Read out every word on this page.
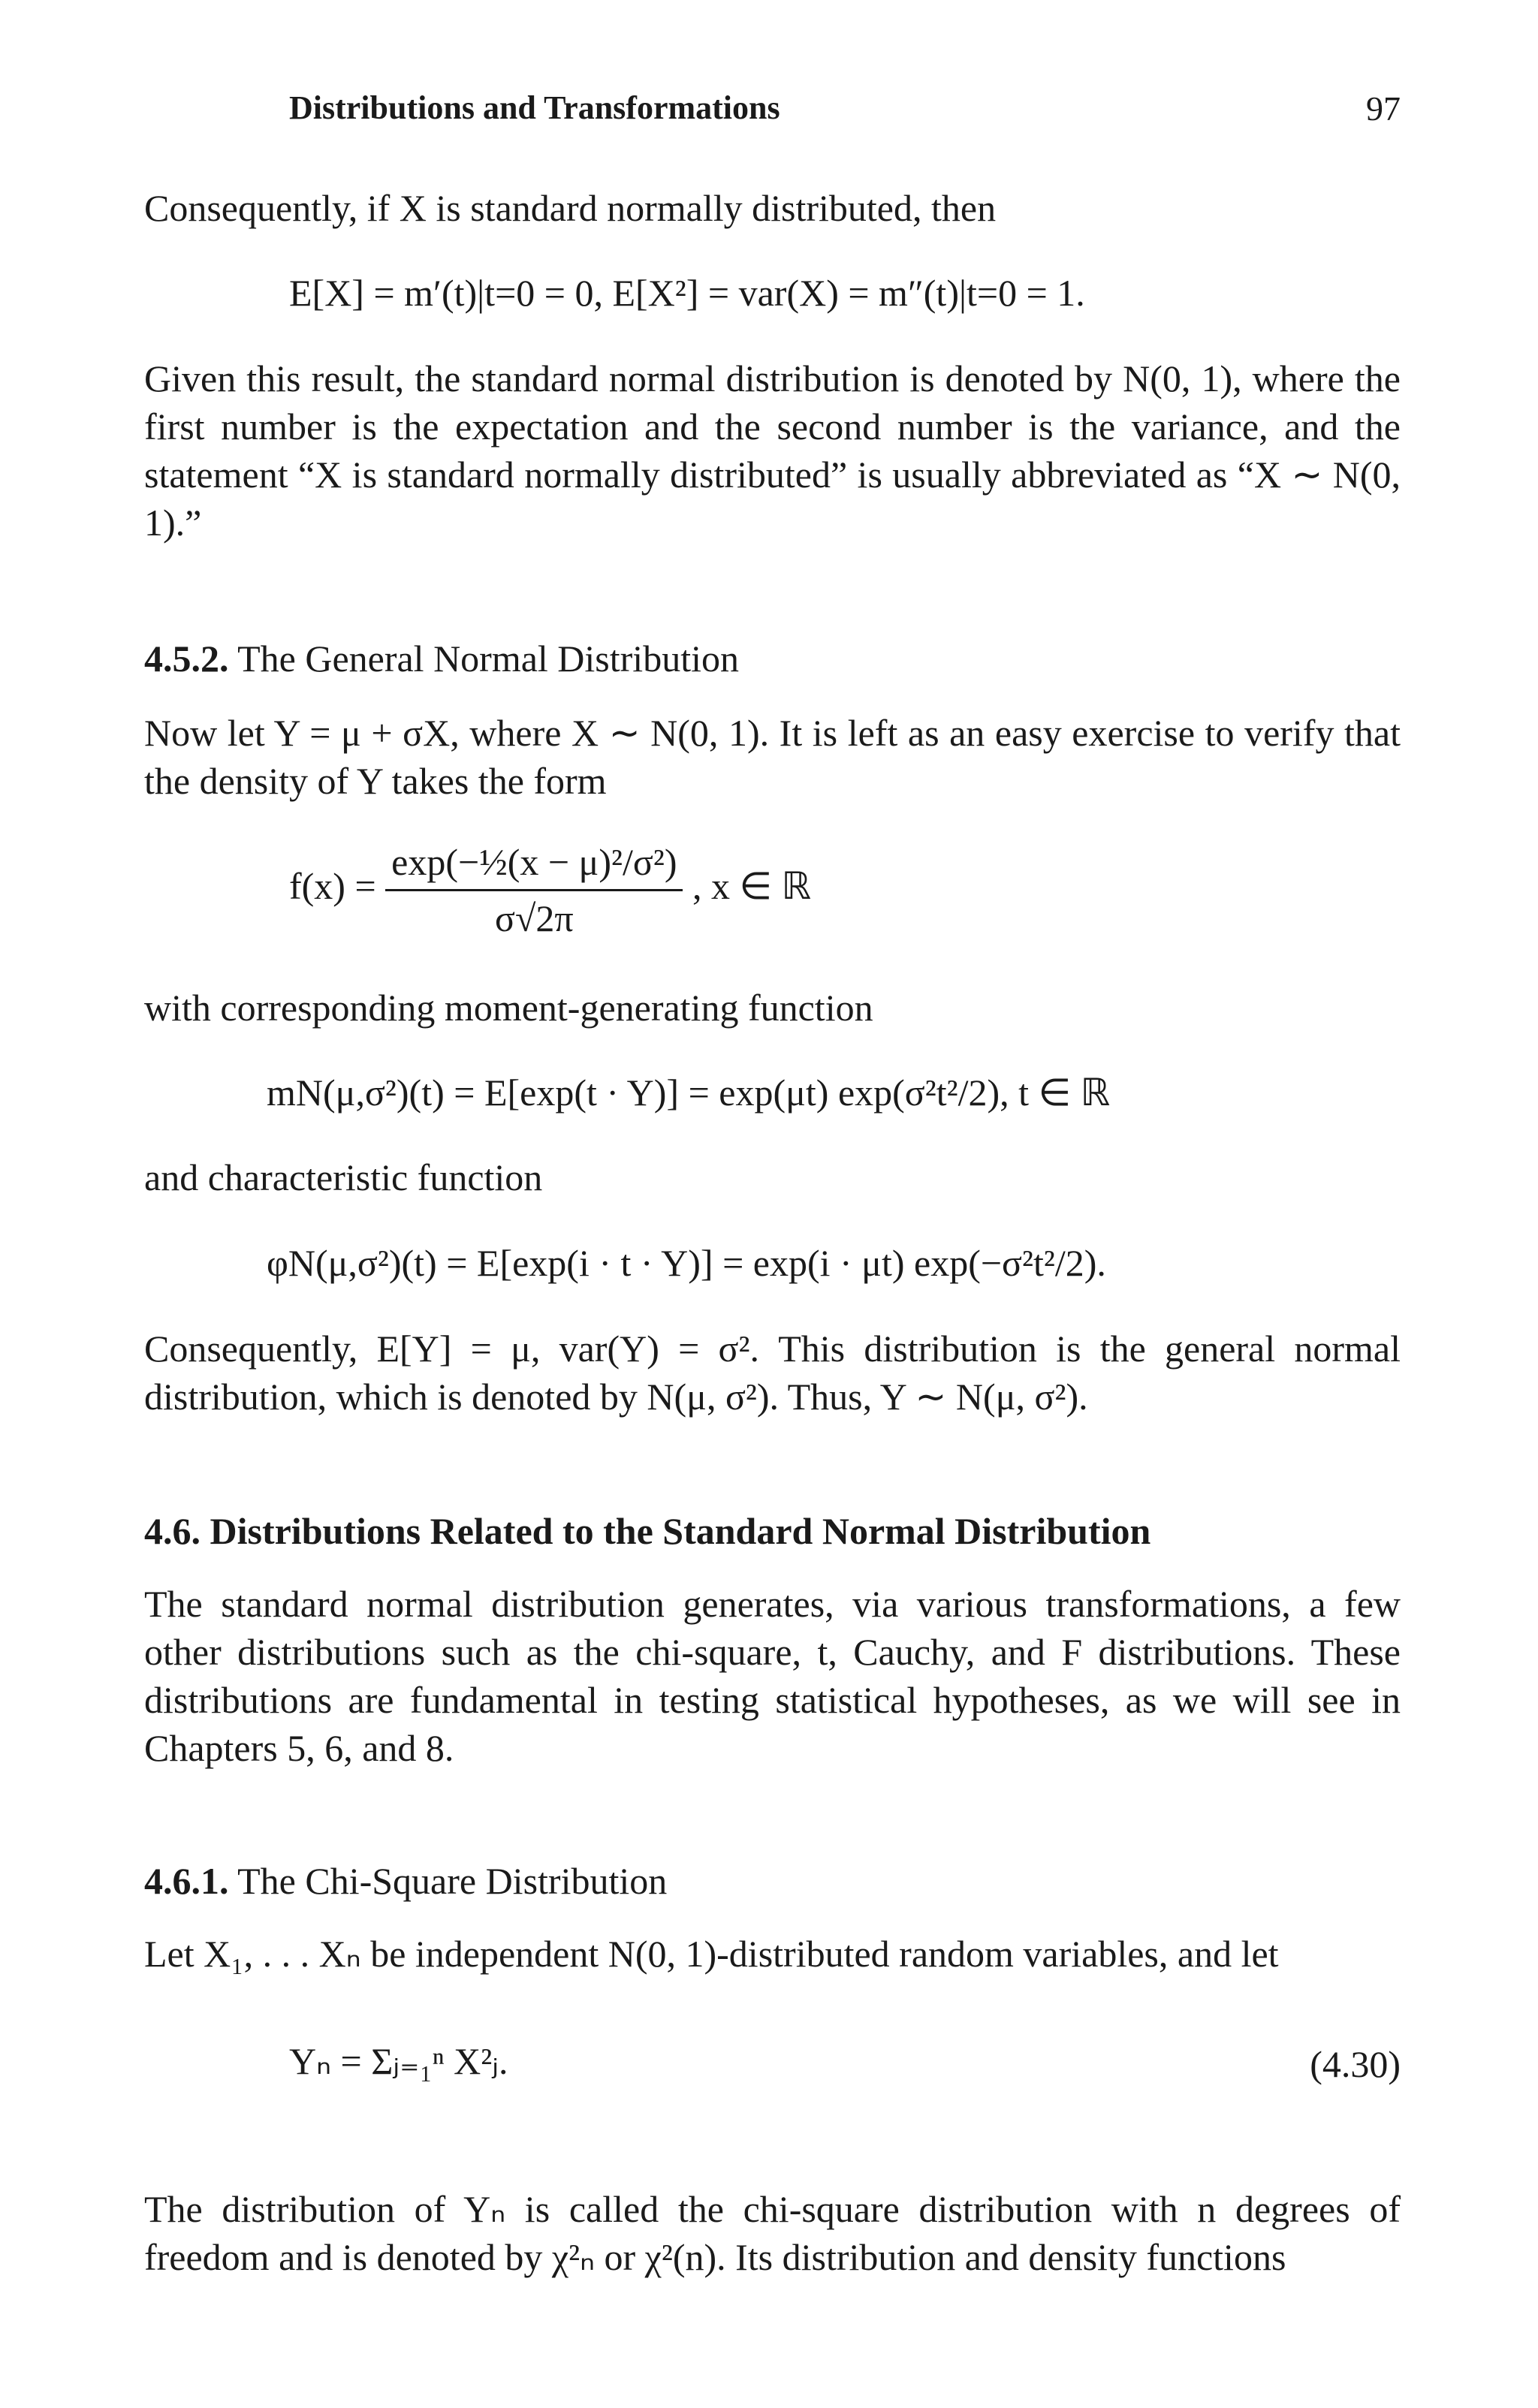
Distributions and Transformations	97
Consequently, if X is standard normally distributed, then
E[X] = m′(t)|t=0 = 0, E[X²] = var(X) = m″(t)|t=0 = 1.
Given this result, the standard normal distribution is denoted by N(0, 1), where the first number is the expectation and the second number is the variance, and the statement “X is standard normally distributed” is usually abbreviated as “X ∼ N(0, 1).”
4.5.2. The General Normal Distribution
Now let Y = μ + σX, where X ∼ N(0, 1). It is left as an easy exercise to verify that the density of Y takes the form
$f(x) = \frac{\text{exp(−½(x − μ)²/σ²)}}{\sigma√2\pi}$ , x ∈ ℝ
with corresponding moment-generating function
mN(μ,σ²)(t) = E[exp(t · Y)] = exp(μt) exp(σ²t²/2), t ∈ ℝ
and characteristic function
φN(μ,σ²)(t) = E[exp(i · t · Y)] = exp(i · μt) exp(−σ²t²/2).
Consequently, E[Y] = μ, var(Y) = σ². This distribution is the general normal distribution, which is denoted by N(μ, σ²). Thus, Y ∼ N(μ, σ²).
4.6. Distributions Related to the Standard Normal Distribution
The standard normal distribution generates, via various transformations, a few other distributions such as the chi-square, t, Cauchy, and F distributions. These distributions are fundamental in testing statistical hypotheses, as we will see in Chapters 5, 6, and 8.
4.6.1. The Chi-Square Distribution
Let X₁, . . . Xₙ be independent N(0, 1)-distributed random variables, and let
Yₙ = Σⱼ₌₁ⁿ X²ⱼ.	(4.30)
The distribution of Yₙ is called the chi-square distribution with n degrees of freedom and is denoted by χ²ₙ or χ²(n). Its distribution and density functions
